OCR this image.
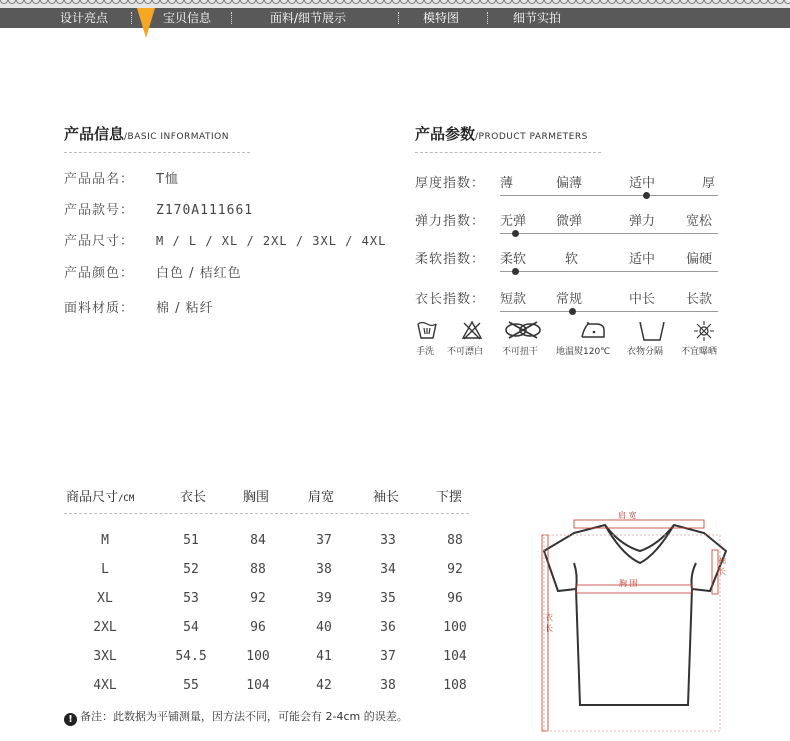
设计亮点	宝贝信息	面料/细节展示	模特图	细节实拍
产品信息/BASIC INFORMATION
产品品名： T恤
产品款号： Z170A111661
产品尺寸： M / L / XL / 2XL / 3XL / 4XL
产品颜色： 白色 / 桔红色
面料材质： 棉 / 粘纤
产品参数/PRODUCT PARMETERS
厚度指数： 薄	偏薄	适中	厚
弹力指数： 无弹 微弹	弹力 宽松
柔软指数： 柔软	软	适中 偏硬
衣长指数： 短款 常规	中长 长款
手洗 不可漂白 不可扭干 地温熨120℃ 衣物分隔 不宜曝晒
商品尺寸/CM	衣长	胸围	肩宽	袖长	下摆
M	51	84	37	33	88
L	52	88	38	34	92
XL	53	92	39	35	96
2XL	54	96	40	36	100
3XL	54.5	100	41	37	104
4XL	55	104	42	38	108
! 备注：此数据为平铺测量，因方法不同，可能会有 2-4cm 的误差。
肩 宽
胸 围
衣
长
袖
长
